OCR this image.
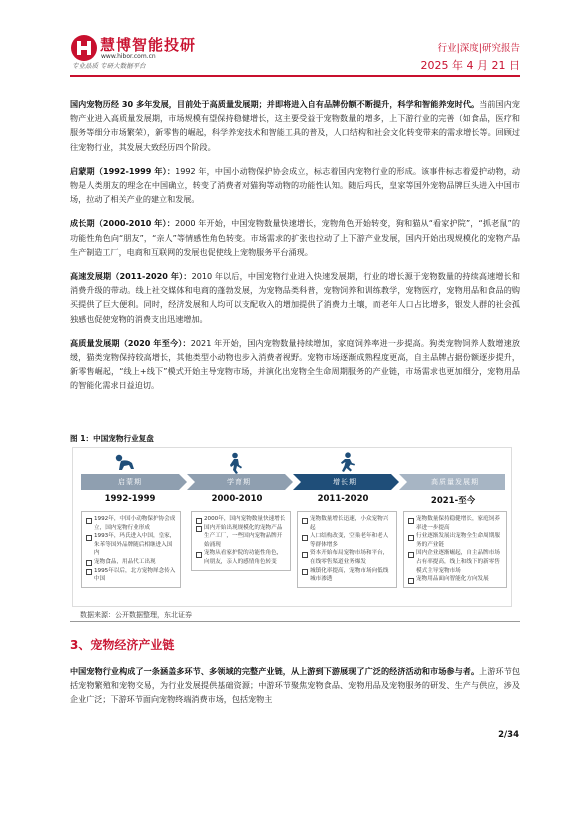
慧博智能投研
www.hibor.com.cn
专业品质 专研大数据平台
行业|深度|研究报告
2025 年 4 月 21 日

国内宠物历经 30 多年发展，目前处于高质量发展期；并即将进入自有品牌份额不断提升，科学和智能养宠时代。当前国内宠物产业进入高质量发展期，市场规模有望保持稳健增长，这主要受益于宠物数量的增多，上下游行业的完善（如食品，医疗和服务等细分市场繁荣），新零售的崛起，科学养宠技术和智能工具的普及，人口结构和社会文化转变带来的需求增长等。回顾过往宠物行业，其发展大致经历四个阶段。

启蒙期（1992-1999 年）：1992 年，中国小动物保护协会成立，标志着国内宠物行业的形成。该事件标志着爱护动物，动物是人类朋友的理念在中国确立，转变了消费者对猫狗等动物的功能性认知。随后玛氏，皇家等国外宠物品牌巨头进入中国市场，拉动了相关产业的建立和发展。

成长期（2000-2010 年）：2000 年开始，中国宠物数量快速增长，宠物角色开始转变，狗和猫从“看家护院”，“抓老鼠”的功能性角色向“朋友”，“亲人”等情感性角色转变。市场需求的扩张也拉动了上下游产业发展，国内开始出现规模化的宠物产品生产制造工厂，电商和互联网的发展也促使线上宠物服务平台涌现。

高速发展期（2011-2020 年）：2010 年以后，中国宠物行业进入快速发展期，行业的增长源于宠物数量的持续高速增长和消费升级的带动。线上社交媒体和电商的蓬勃发展，为宠物品类科普，宠物饲养和训练教学，宠物医疗，宠物用品和食品的购买提供了巨大便利。同时，经济发展和人均可以支配收入的增加提供了消费力土壤，而老年人口占比增多，银发人群的社会孤独感也促使宠物的消费支出迅速增加。

高质量发展期（2020 年至今）：2021 年开始，国内宠物数量持续增加，家庭饲养率进一步提高。狗类宠物饲养人数增速放缓，猫类宠物保持较高增长，其他类型小动物也步入消费者视野。宠物市场逐渐成熟程度更高，自主品牌占据份额逐步提升，新零售崛起，“线上+线下”模式开始主导宠物市场，并演化出宠物全生命周期服务的产业链，市场需求也更加细分，宠物用品的智能化需求日益迫切。

图 1：中国宠物行业复盘
启蒙期
1992-1999
1992年，中国小动物保护协会成立，国内宠物行业形成
1993年，玛氏进入中国，皇家，朱苯等国外品牌随后相继进入国内
宠物食品，用品代工出现
1995年以后，北方宠物犀念传入中国
学育期
2000-2010
2000年，国内宠物数量快速增长
国内开始出现规模化的宠物产品生产工厂，一些国内宠物品牌开始涌现
宠物从看家护院的功能性角色，向朋友，亲人的感情角色转变
增长期
2011-2020
宠物数量增长迅速，小众宠物兴起
人口结构改变，空巢老年和老人等群体增多
资本开始布局宠物市场和平台，在线零售渠道业务爆发
城镇化率提高，宠物市场向低线城市渗透
高质量发展期
2021-至今
宠物数量保持稳健增长，家庭饲养率进一步提高
行业逐渐发展出宠物全生命周期服务的产业链
国内企业逐渐崛起，自主品牌市场占有率提高，线上和线下的新零售模式主导宠物市场
宠物用品面向智能化方向发展
数据来源：公开数据整理，东北证券
3、宠物经济产业链

中国宠物行业构成了一条涵盖多环节、多领域的完整产业链，从上游到下游展现了广泛的经济活动和市场参与者。上游环节包括宠物繁殖和宠物交易，为行业发展提供基础资源；中游环节聚焦宠物食品、宠物用品及宠物服务的研发、生产与供应，涉及企业广泛；下游环节面向宠物终端消费市场，包括宠物主

2/34
